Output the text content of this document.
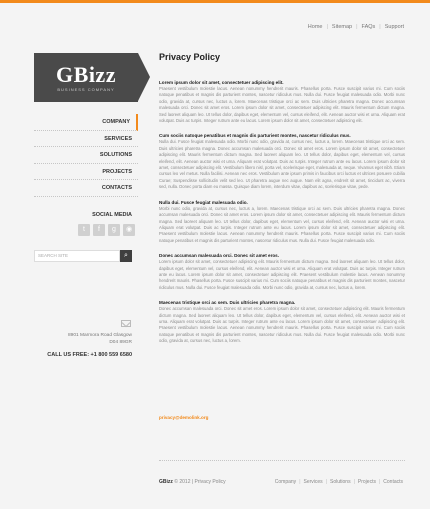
Home | Sitemap | FAQs | Support
GBizz
BUSINESS COMPANY
COMPANY
SERVICES
SOLUTIONS
PROJECTS
CONTACTS
SOCIAL MEDIA
t	f	g	◉
SEARCH SITE	⌕
8901 Marmora Road Glasgow
D04 89GR
CALL US FREE: +1 800 559 6580
Privacy Policy
Lorem ipsum dolor sit amet, consectetuer adipiscing elit.
Praesent vestibulum molestie lacus. Aenean nonummy hendrerit mauris. Phasellus porta. Fusce suscipit varius mi. Cum sociis natoque penatibus et magnis dis parturient montes, nascetur ridiculus mus. Nulla dui. Fusce feugiat malesuada odio. Morbi nunc odio, gravida at, cursus nec, luctus a, lorem. Maecenas tristique orci ac sem. Duis ultricies pharetra magna. Donec accumsan malesuada orci. Donec sit amet eros. Lorem ipsum dolor sit amet, consectetuer adipiscing elit. Mauris fermentum dictum magna. Sed laoreet aliquam leo. Ut tellus dolor, dapibus eget, elementum vel, cursus eleifend, elit. Aenean auctor wisi et urna. Aliquam erat volutpat. Duis ac turpis. Integer rutrum ante eu lacus. Lorem ipsum dolor sit amet, consectetuer adipiscing elit.
Cum sociis natoque penatibus et magnis dis parturient montes, nascetur ridiculus mus.
Nulla dui. Fusce feugiat malesuada odio. Morbi nunc odio, gravida at, cursus nec, luctus a, lorem. Maecenas tristique orci ac sem. Duis ultricies pharetra magna. Donec accumsan malesuada orci. Donec sit amet eros. Lorem ipsum dolor sit amet, consectetuer adipiscing elit. Mauris fermentum dictum magna. Sed laoreet aliquam leo. Ut tellus dolor, dapibus eget, elementum vel, cursus eleifend, elit. Aenean auctor wisi et urna. Aliquam erat volutpat. Duis ac turpis. Integer rutrum ante eu lacus. Lorem ipsum dolor sit amet, consectetuer adipiscing elit. Vestibulum libero nisl, porta vel, scelerisque eget, malesuada at, neque. Vivamus eget nibh. Etiam cursus leo vel metus. Nulla facilisi. Aenean nec eros. Vestibulum ante ipsum primis in faucibus orci luctus et ultrices posuere cubilia Curae; Suspendisse sollicitudin velit sed leo. Ut pharetra augue nec augue. Nam elit agna, endrerit sit amet, tincidunt ac, viverra sed, nulla. Donec porta diam eu massa. Quisque diam lorem, interdum vitae, dapibus ac, scelerisque vitae, pede.
Nulla dui. Fusce feugiat malesuada odio.
Morbi nunc odio, gravida at, cursus nec, luctus a, lorem. Maecenas tristique orci ac sem. Duis ultricies pharetra magna. Donec accumsan malesuada orci. Donec sit amet eros. Lorem ipsum dolor sit amet, consectetuer adipiscing elit. Mauris fermentum dictum magna. Sed laoreet aliquam leo. Ut tellus dolor, dapibus eget, elementum vel, cursus eleifend, elit. Aenean auctor wisi et urna. Aliquam erat volutpat. Duis ac turpis. Integer rutrum ante eu lacus. Lorem ipsum dolor sit amet, consectetuer adipiscing elit. Praesent vestibulum molestie lacus. Aenean nonummy hendrerit mauris. Phasellus porta. Fusce suscipit varius mi. Cum sociis natoque penatibus et magnis dis parturient montes, nascetur ridiculus mus. Nulla dui. Fusce feugiat malesuada odio.
Donec accumsan malesuada orci. Donec sit amet eros.
Lorem ipsum dolor sit amet, consectetuer adipiscing elit. Mauris fermentum dictum magna. Sed laoreet aliquam leo. Ut tellus dolor, dapibus eget, elementum vel, cursus eleifend, elit. Aenean auctor wisi et urna. Aliquam erat volutpat. Duis ac turpis. Integer rutrum ante eu lacus. Lorem ipsum dolor sit amet, consectetuer adipiscing elit. Praesent vestibulum molestie lacus. Aenean nonummy hendrerit mauris. Phasellus porta. Fusce suscipit varius mi. Cum sociis natoque penatibus et magnis dis parturient montes, nascetur ridiculus mus. Nulla dui. Fusce feugiat malesuada odio. Morbi nunc odio, gravida at, cursus nec, luctus a, lorem.
Maecenas tristique orci ac sem. Duis ultricies pharetra magna.
Donec accumsan malesuada orci. Donec sit amet eros. Lorem ipsum dolor sit amet, consectetuer adipiscing elit. Mauris fermentum dictum magna. Sed laoreet aliquam leo. Ut tellus dolor, dapibus eget, elementum vel, cursus eleifend, elit. Aenean auctor wisi et urna. Aliquam erat volutpat. Duis ac turpis. Integer rutrum ante eu lacus. Lorem ipsum dolor sit amet, consectetuer adipiscing elit. Praesent vestibulum molestie lacus. Aenean nonummy hendrerit mauris. Phasellus porta. Fusce suscipit varius mi. Cum sociis natoque penatibus et magnis dis parturient montes, nascetur ridiculus mus. Nulla dui. Fusce feugiat malesuada odio. Morbi nunc odio, gravida at, cursus nec, luctus a, lorem.
privacy@demolink.org
GBizz © 2012 | Privacy Policy	Company | Services | Solutions | Projects | Contacts
